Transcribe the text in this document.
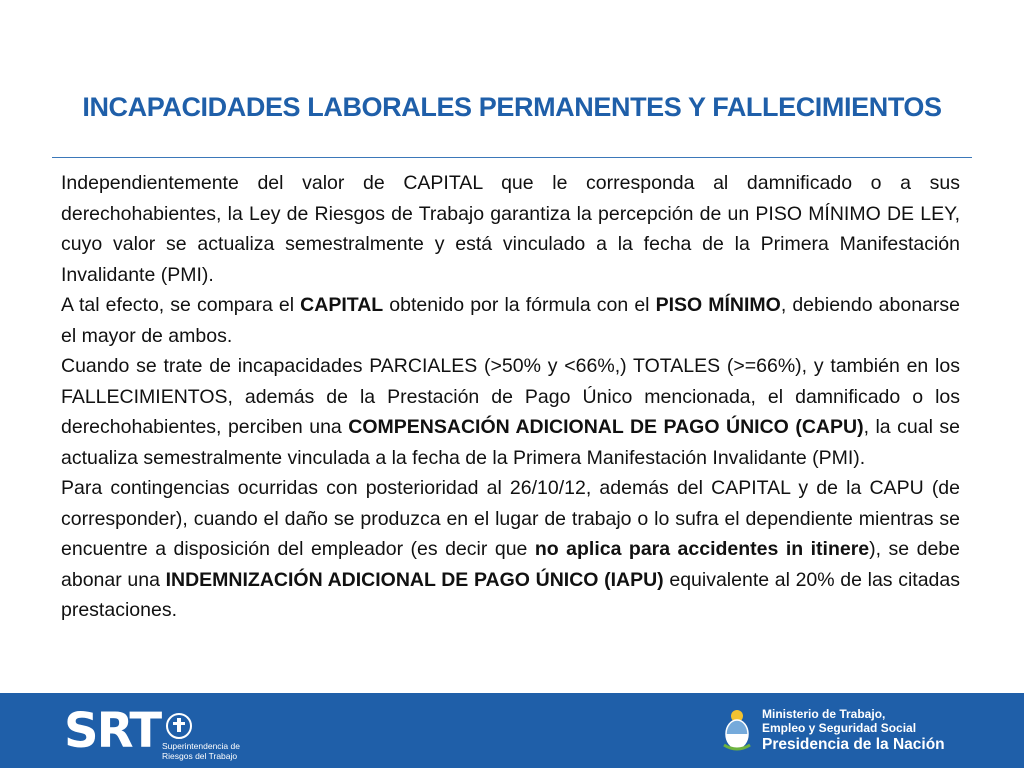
INCAPACIDADES LABORALES PERMANENTES Y FALLECIMIENTOS

Independientemente del valor de CAPITAL que le corresponda al damnificado o a sus derechohabientes, la Ley de Riesgos de Trabajo garantiza la percepción de un PISO MÍNIMO DE LEY, cuyo valor se actualiza semestralmente y está vinculado a la fecha de la Primera Manifestación Invalidante (PMI).

A tal efecto, se compara el CAPITAL obtenido por la fórmula con el PISO MÍNIMO, debiendo abonarse el mayor de ambos.

Cuando se trate de incapacidades PARCIALES (>50% y <66%,) TOTALES (>=66%), y también en los FALLECIMIENTOS, además de la Prestación de Pago Único mencionada, el damnificado o los derechohabientes, perciben una COMPENSACIÓN ADICIONAL DE PAGO ÚNICO (CAPU), la cual se actualiza semestralmente vinculada a la fecha de la Primera Manifestación Invalidante (PMI).

Para contingencias ocurridas con posterioridad al 26/10/12, además del CAPITAL y de la CAPU (de corresponder), cuando el daño se produzca en el lugar de trabajo o lo sufra el dependiente mientras se encuentre a disposición del empleador (es decir que no aplica para accidentes in itinere), se debe abonar una INDEMNIZACIÓN ADICIONAL DE PAGO ÚNICO (IAPU) equivalente al 20% de las citadas prestaciones.

SRT Superintendencia de
Riesgos del Trabajo
Ministerio de Trabajo,
Empleo y Seguridad Social
Presidencia de la Nación
